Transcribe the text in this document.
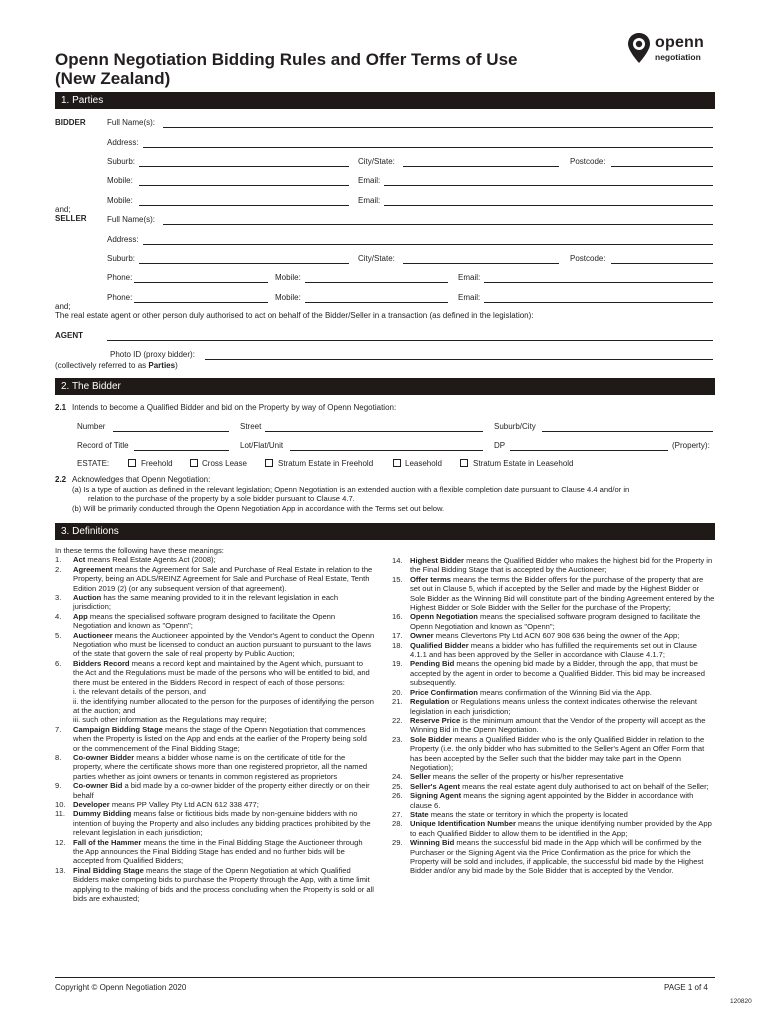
Openn Negotiation Bidding Rules and Offer Terms of Use
(New Zealand)
openn
negotiation
1. Parties
BIDDER	Full Name(s):
Address:
Suburb:	City/State:	Postcode:
Mobile:	Email:
Mobile:	Email:
and;
SELLER	Full Name(s):
Address:
Suburb:	City/State:	Postcode:
Phone:	Mobile:	Email:
Phone:	Mobile:	Email:
and;
The real estate agent or other person duly authorised to act on behalf of the Bidder/Seller in a transaction (as defined in the legislation):
AGENT
Photo ID (proxy bidder):
(collectively referred to as Parties)
2. The Bidder
2.1 Intends to become a Qualified Bidder and bid on the Property by way of Openn Negotiation:
Number	Street	Suburb/City
Record of Title	Lot/Flat/Unit	DP	(Property):
ESTATE:	Freehold	Cross Lease	Stratum Estate in Freehold	Leasehold	Stratum Estate in Leasehold
2.2 Acknowledges that Openn Negotiation:
(a) Is a type of auction as defined in the relevant legislation; Openn Negotiation is an extended auction with a flexible completion date pursuant to Clause 4.4 and/or in
relation to the purchase of the property by a sole bidder pursuant to Clause 4.7.
(b) Will be primarily conducted through the Openn Negotiation App in accordance with the Terms set out below.
3. Definitions
In these terms the following have these meanings:

1. Act means Real Estate Agents Act (2008);

2. Agreement means the Agreement for Sale and Purchase of Real Estate in relation to the Property, being an ADLS/REINZ Agreement for Sale and Purchase of Real Estate, Tenth Edition 2019 (2) (or any subsequent version of that agreement).

3. Auction has the same meaning provided to it in the relevant legislation in each jurisdiction;

4. App means the specialised software program designed to facilitate the Openn Negotiation and known as "Openn";

5. Auctioneer means the Auctioneer appointed by the Vendor's Agent to conduct the Openn Negotiation who must be licensed to conduct an auction pursuant to pursuant to the laws of the state that govern the sale of real property by Public Auction;

6. Bidders Record means a record kept and maintained by the Agent which, pursuant to the Act and the Regulations must be made of the persons who will be entitled to bid, and there must be entered in the Bidders Record in respect of each of those persons:

i. the relevant details of the person, and

ii. the identifying number allocated to the person for the purposes of identifying the person at the auction; and

iii. such other information as the Regulations may require;

7. Campaign Bidding Stage means the stage of the Openn Negotiation that commences when the Property is listed on the App and ends at the earlier of the Property being sold or the commencement of the Final Bidding Stage;

8. Co-owner Bidder means a bidder whose name is on the certificate of title for the property, where the certificate shows more than one registered proprietor, all the named parties whether as joint owners or tenants in common registered as proprietors

9. Co-owner Bid a bid made by a co-owner bidder of the property either directly or on their behalf

10. Developer means PP Valley Pty Ltd ACN 612 338 477;

11. Dummy Bidding means false or fictitious bids made by non-genuine bidders with no intention of buying the Property and also includes any bidding practices prohibited by the relevant legislation in each jurisdiction;

12. Fall of the Hammer means the time in the Final Bidding Stage the Auctioneer through the App announces the Final Bidding Stage has ended and no further bids will be accepted from Qualified Bidders;

13. Final Bidding Stage means the stage of the Openn Negotiation at which Qualified Bidders make competing bids to purchase the Property through the App, with a time limit applying to the making of bids and the process concluding when the Property is sold or all bids are exhausted;

14. Highest Bidder means the Qualified Bidder who makes the highest bid for the Property in the Final Bidding Stage that is accepted by the Auctioneer;

15. Offer terms means the terms the Bidder offers for the purchase of the property that are set out in Clause 5, which if accepted by the Seller and made by the Highest Bidder or Sole Bidder as the Winning Bid will constitute part of the binding Agreement entered by the Highest Bidder or Sole Bidder with the Seller for the purchase of the Property;

16. Openn Negotiation means the specialised software program designed to facilitate the Openn Negotiation and known as "Openn";

17. Owner means Clevertons Pty Ltd ACN 607 908 636 being the owner of the App;

18. Qualified Bidder means a bidder who has fulfilled the requirements set out in Clause 4.1.1 and has been approved by the Seller in accordance with Clause 4.1.7;

19. Pending Bid means the opening bid made by a Bidder, through the app, that must be accepted by the agent in order to become a Qualified Bidder. This bid may be increased subsequently.

20. Price Confirmation means confirmation of the Winning Bid via the App.

21. Regulation or Regulations means unless the context indicates otherwise the relevant legislation in each jurisdiction;

22. Reserve Price is the minimum amount that the Vendor of the property will accept as the Winning Bid in the Openn Negotiation.

23. Sole Bidder means a Qualified Bidder who is the only Qualified Bidder in relation to the Property (i.e. the only bidder who has submitted to the Seller's Agent an Offer Form that has been accepted by the Seller such that the bidder may take part in the Openn Negotiation);

24. Seller means the seller of the property or his/her representative

25. Seller's Agent means the real estate agent duly authorised to act on behalf of the Seller;

26. Signing Agent means the signing agent appointed by the Bidder in accordance with clause 6.

27. State means the state or territory in which the property is located

28. Unique Identification Number means the unique identifying number provided by the App to each Qualified Bidder to allow them to be identified in the App;

29. Winning Bid means the successful bid made in the App which will be confirmed by the Purchaser or the Signing Agent via the Price Confirmation as the price for which the Property will be sold and includes, if applicable, the successful bid made by the Highest Bidder and/or any bid made by the Sole Bidder that is accepted by the Vendor.

Copyright © Openn Negotiation 2020	PAGE 1 of 4
120820
